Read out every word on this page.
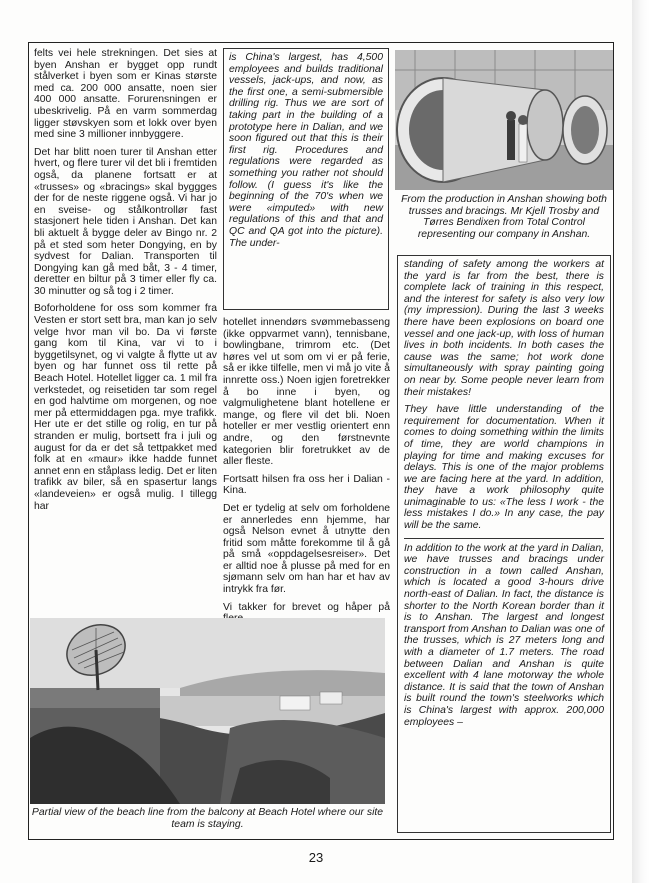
felts vei hele strekningen. Det sies at byen Anshan er bygget opp rundt stålverket i byen som er Kinas største med ca. 200 000 ansatte, noen sier 400 000 ansatte. Forurensningen er ubeskrivelig. På en varm sommerdag ligger støvskyen som et lokk over byen med sine 3 millioner innbyggere.

Det har blitt noen turer til Anshan etter hvert, og flere turer vil det bli i fremtiden også, da planene fortsatt er at «trusses» og «bracings» skal byggges der for de neste riggene også. Vi har jo en sveise- og stålkontrollør fast stasjonert hele tiden i Anshan. Det kan bli aktuelt å bygge deler av Bingo nr. 2 på et sted som heter Dongying, en by sydvest for Dalian. Transporten til Dongying kan gå med båt, 3 - 4 timer, deretter en biltur på 3 timer eller fly ca. 30 minutter og så tog i 2 timer.

Boforholdene for oss som kommer fra Vesten er stort sett bra, man kan jo selv velge hvor man vil bo. Da vi første gang kom til Kina, var vi to i byggetilsynet, og vi valgte å flytte ut av byen og har funnet oss til rette på Beach Hotel. Hotellet ligger ca. 1 mil fra verkstedet, og reisetiden tar som regel en god halvtime om morgenen, og noe mer på ettermiddagen pga. mye trafikk. Her ute er det stille og rolig, en tur på stranden er mulig, bortsett fra i juli og august for da er det så tettpakket med folk at en «maur» ikke hadde funnet annet enn en ståplass ledig. Det er liten trafikk av biler, så en spasertur langs «landeveien» er også mulig. I tillegg har

is China's largest, has 4,500 employees and builds traditional vessels, jack-ups, and now, as the first one, a semi-submersible drilling rig. Thus we are sort of taking part in the building of a prototype here in Dalian, and we soon figured out that this is their first rig. Procedures and regulations were regarded as something you rather not should follow. (I guess it's like the beginning of the 70's when we were «imputed» with new regulations of this and that and QC and QA got into the picture). The under-

hotellet innendørs svømmebasseng (ikke oppvarmet vann), tennisbane, bowlingbane, trimrom etc. (Det høres vel ut som om vi er på ferie, så er ikke tilfelle, men vi må jo vite å innrette oss.) Noen igjen foretrekker å bo inne i byen, og valgmulighetene blant hotellene er mange, og flere vil det bli. Noen hoteller er mer vestlig orientert enn andre, og den førstnevnte kategorien blir foretrukket av de aller fleste.

Fortsatt hilsen fra oss her i Dalian - Kina.

Det er tydelig at selv om forholdene er annerledes enn hjemme, har også Nelson evnet å utnytte den fritid som måtte forekomme til å gå på små «oppdagelsesreiser». Det er alltid noe å plusse på med for en sjømann selv om han har et hav av intrykk fra før.

Vi takker for brevet og håper på

From the production in Anshan showing both trusses and bracings. Mr Kjell Trosby and Tørres Bendixen from Total Control representing our company in Anshan.

standing of safety among the workers at the yard is far from the best, there is complete lack of training in this respect, and the interest for safety is also very low (my impression). During the last 3 weeks there have been explosions on board one vessel and one jack-up, with loss of human lives in both incidents. In both cases the cause was the same; hot work done simultaneously with spray painting going on near by. Some people never learn from their mistakes!

They have little understanding of the requirement for documentation. When it comes to doing something within the limits of time, they are world champions in playing for time and making excuses for delays. This is one of the major problems we are facing here at the yard. In addition, they have a work philosophy quite unimaginable to us: «The less I work - the less mistakes I do.» In any case, the pay will be the same.

In addition to the work at the yard in Dalian, we have trusses and bracings under construction in a town called Anshan, which is located a good 3-hours drive north-east of Dalian. In fact, the distance is shorter to the North Korean border than it is to Anshan. The largest and longest transport from Anshan to Dalian was one of the trusses, which is 27 meters long and with a diameter of 1.7 meters. The road between Dalian and Anshan is quite excellent with 4 lane motorway the whole distance. It is said that the town of Anshan is built round the town's steelworks which is China's largest with approx. 200,000 employees –

Partial view of the beach line from the balcony at Beach Hotel where our site team is staying.
23
